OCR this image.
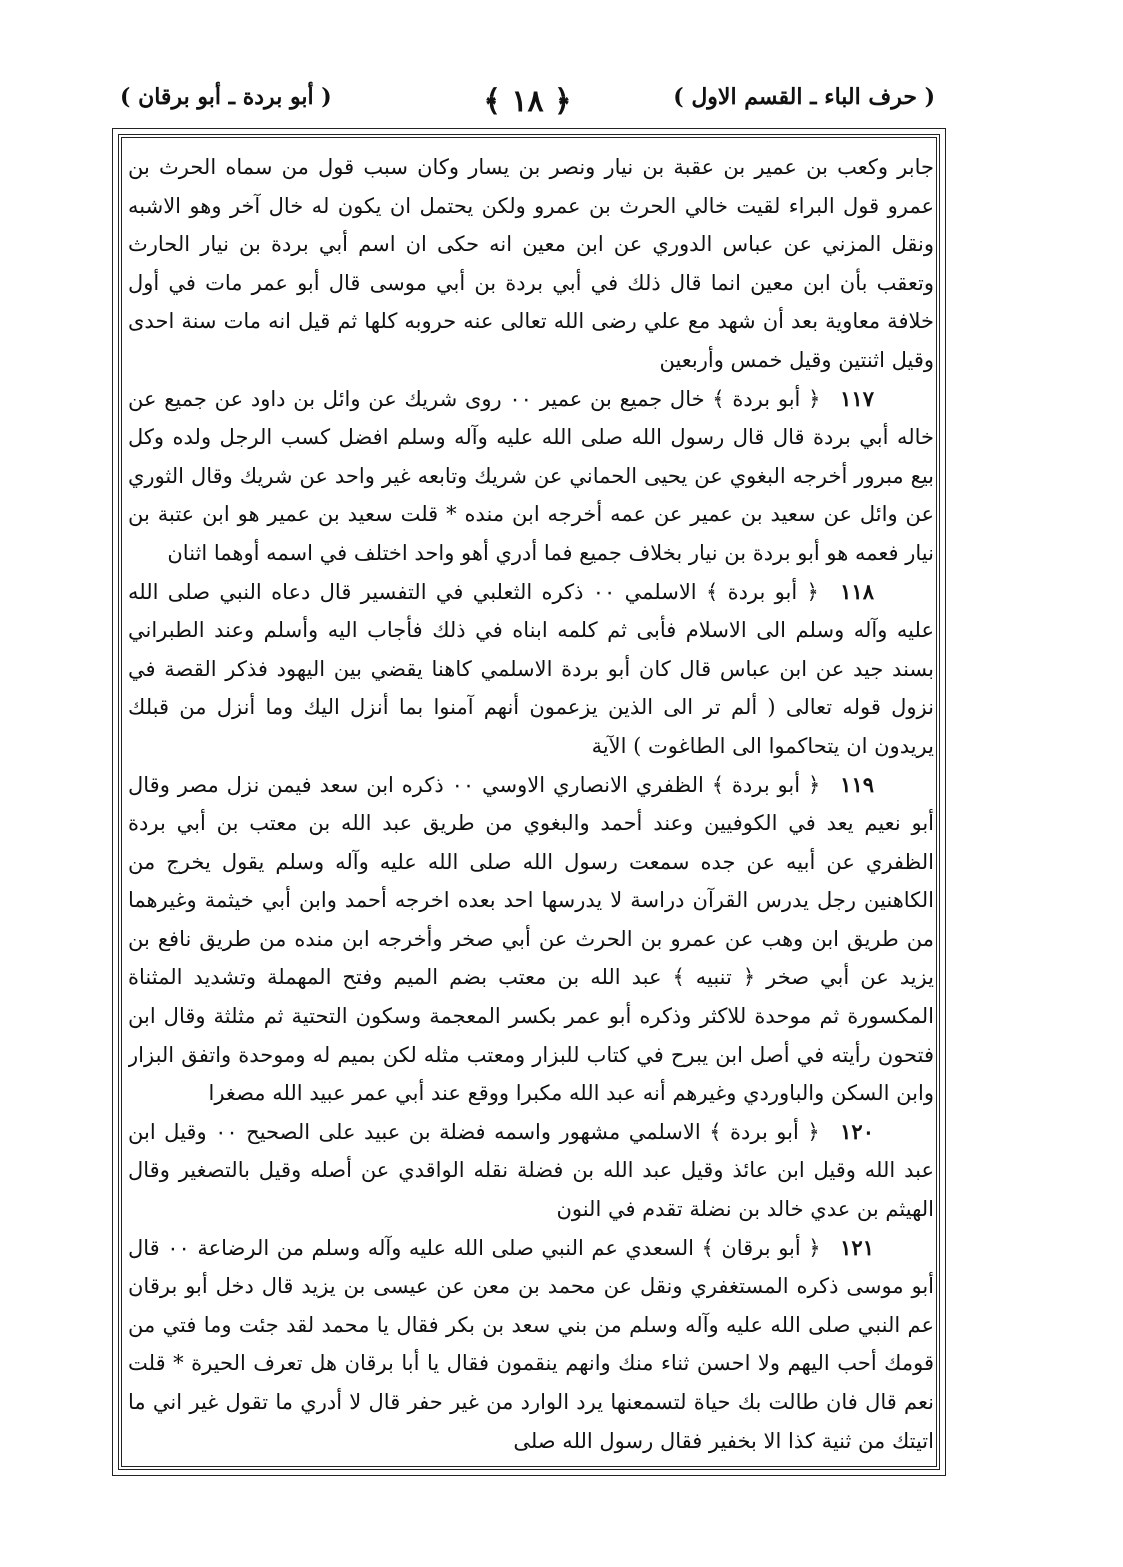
( حرف الباء ـ القسم الاول )
﴿ ١٨ ﴾
( أبو بردة ـ أبو برقان )

جابر وكعب بن عمير بن عقبة بن نيار ونصر بن يسار وكان سبب قول من سماه الحرث بن عمرو قول البراء لقيت خالي الحرث بن عمرو ولكن يحتمل ان يكون له خال آخر وهو الاشبه ونقل المزني عن عباس الدوري عن ابن معين انه حكى ان اسم أبي بردة بن نيار الحارث وتعقب بأن ابن معين انما قال ذلك في أبي بردة بن أبي موسى قال أبو عمر مات في أول خلافة معاوية بعد أن شهد مع علي رضى الله تعالى عنه حروبه كلها ثم قيل انه مات سنة احدى وقيل اثنتين وقيل خمس وأربعين

١١٧ ﴿ أبو بردة ﴾ خال جميع بن عمير ٠٠ روى شريك عن وائل بن داود عن جميع عن خاله أبي بردة قال قال رسول الله صلى الله عليه وآله وسلم افضل كسب الرجل ولده وكل بيع مبرور أخرجه البغوي عن يحيى الحماني عن شريك وتابعه غير واحد عن شريك وقال الثوري عن وائل عن سعيد بن عمير عن عمه أخرجه ابن منده * قلت سعيد بن عمير هو ابن عتبة بن نيار فعمه هو أبو بردة بن نيار بخلاف جميع فما أدري أهو واحد اختلف في اسمه أوهما اثنان

١١٨ ﴿ أبو بردة ﴾ الاسلمي ٠٠ ذكره الثعلبي في التفسير قال دعاه النبي صلى الله عليه وآله وسلم الى الاسلام فأبى ثم كلمه ابناه في ذلك فأجاب اليه وأسلم وعند الطبراني بسند جيد عن ابن عباس قال كان أبو بردة الاسلمي كاهنا يقضي بين اليهود فذكر القصة في نزول قوله تعالى ( ألم تر الى الذين يزعمون أنهم آمنوا بما أنزل اليك وما أنزل من قبلك يريدون ان يتحاكموا الى الطاغوت ) الآية

١١٩ ﴿ أبو بردة ﴾ الظفري الانصاري الاوسي ٠٠ ذكره ابن سعد فيمن نزل مصر وقال أبو نعيم يعد في الكوفيين وعند أحمد والبغوي من طريق عبد الله بن معتب بن أبي بردة الظفري عن أبيه عن جده سمعت رسول الله صلى الله عليه وآله وسلم يقول يخرج من الكاهنين رجل يدرس القرآن دراسة لا يدرسها احد بعده اخرجه أحمد وابن أبي خيثمة وغيرهما من طريق ابن وهب عن عمرو بن الحرث عن أبي صخر وأخرجه ابن منده من طريق نافع بن يزيد عن أبي صخر ﴿ تنبيه ﴾ عبد الله بن معتب بضم الميم وفتح المهملة وتشديد المثناة المكسورة ثم موحدة للاكثر وذكره أبو عمر بكسر المعجمة وسكون التحتية ثم مثلثة وقال ابن فتحون رأيته في أصل ابن يبرح في كتاب للبزار ومعتب مثله لكن بميم له وموحدة واتفق البزار وابن السكن والباوردي وغيرهم أنه عبد الله مكبرا ووقع عند أبي عمر عبيد الله مصغرا

١٢٠ ﴿ أبو بردة ﴾ الاسلمي مشهور واسمه فضلة بن عبيد على الصحيح ٠٠ وقيل ابن عبد الله وقيل ابن عائذ وقيل عبد الله بن فضلة نقله الواقدي عن أصله وقيل بالتصغير وقال الهيثم بن عدي خالد بن نضلة تقدم في النون

١٢١ ﴿ أبو برقان ﴾ السعدي عم النبي صلى الله عليه وآله وسلم من الرضاعة ٠٠ قال أبو موسى ذكره المستغفري ونقل عن محمد بن معن عن عيسى بن يزيد قال دخل أبو برقان عم النبي صلى الله عليه وآله وسلم من بني سعد بن بكر فقال يا محمد لقد جئت وما فتي من قومك أحب اليهم ولا احسن ثناء منك وانهم ينقمون فقال يا أبا برقان هل تعرف الحيرة * قلت نعم قال فان طالت بك حياة لتسمعنها يرد الوارد من غير حفر قال لا أدري ما تقول غير اني ما اتيتك من ثنية كذا الا بخفير فقال رسول الله صلى
